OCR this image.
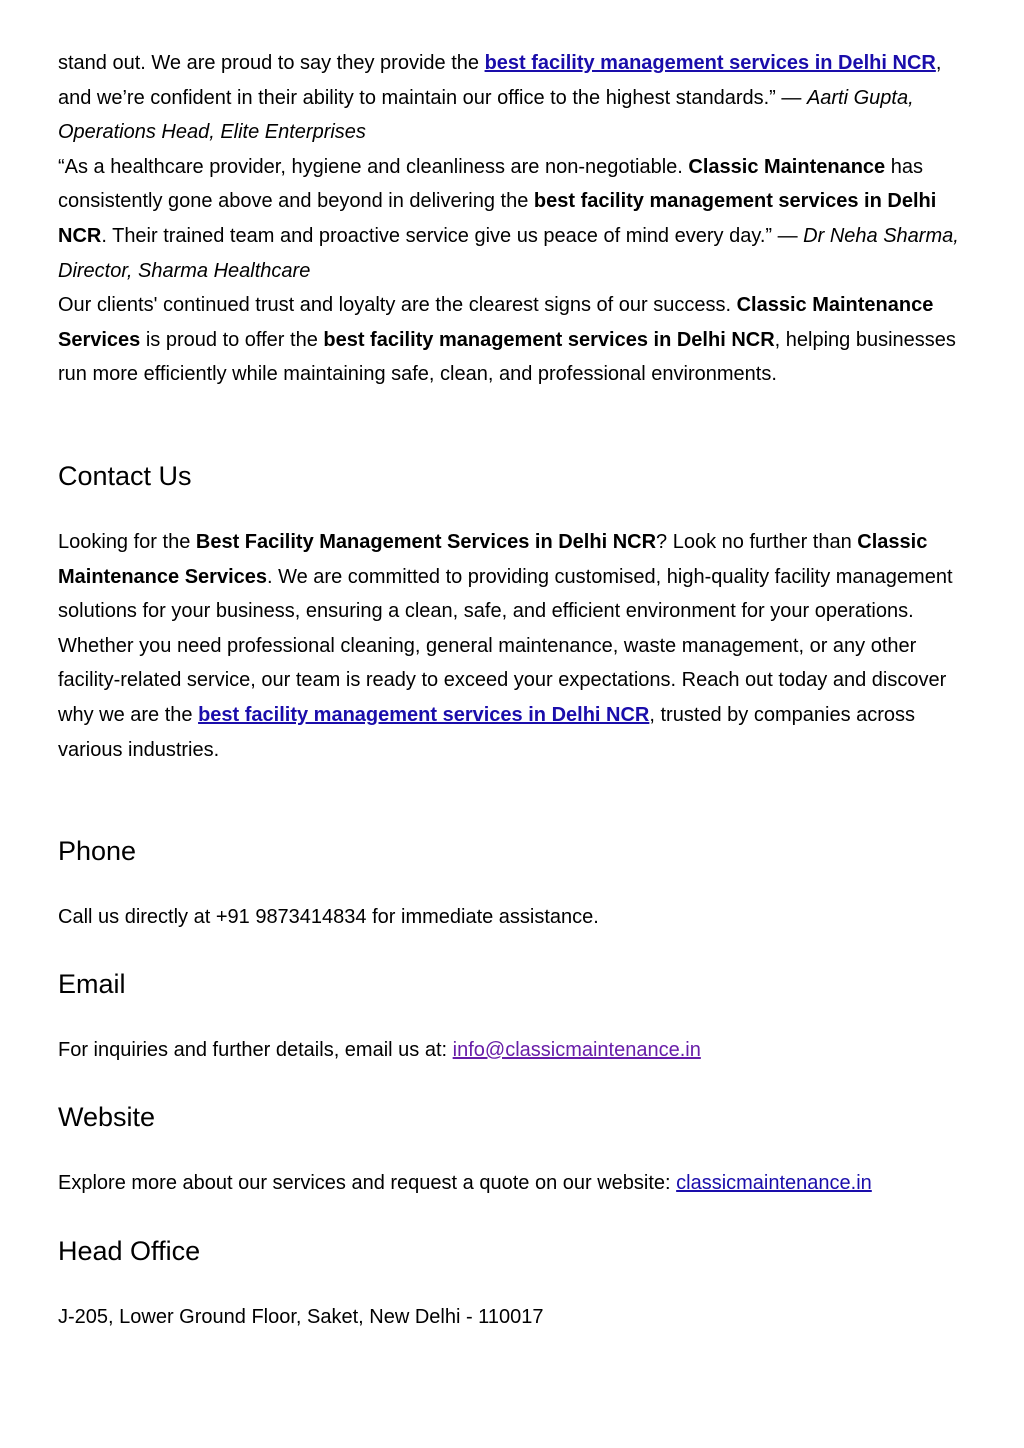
stand out. We are proud to say they provide the best facility management services in Delhi NCR, and we’re confident in their ability to maintain our office to the highest standards.” — Aarti Gupta, Operations Head, Elite Enterprises

“As a healthcare provider, hygiene and cleanliness are non-negotiable. Classic Maintenance has consistently gone above and beyond in delivering the best facility management services in Delhi NCR. Their trained team and proactive service give us peace of mind every day.” — Dr Neha Sharma, Director, Sharma Healthcare

Our clients' continued trust and loyalty are the clearest signs of our success. Classic Maintenance Services is proud to offer the best facility management services in Delhi NCR, helping businesses run more efficiently while maintaining safe, clean, and professional environments.

Contact Us

Looking for the Best Facility Management Services in Delhi NCR? Look no further than Classic Maintenance Services. We are committed to providing customised, high-quality facility management solutions for your business, ensuring a clean, safe, and efficient environment for your operations.

Whether you need professional cleaning, general maintenance, waste management, or any other facility-related service, our team is ready to exceed your expectations. Reach out today and discover why we are the best facility management services in Delhi NCR, trusted by companies across various industries.

Phone

Call us directly at +91 9873414834 for immediate assistance.

Email

For inquiries and further details, email us at: info@classicmaintenance.in

Website

Explore more about our services and request a quote on our website: classicmaintenance.in

Head Office

J-205, Lower Ground Floor, Saket, New Delhi - 110017
